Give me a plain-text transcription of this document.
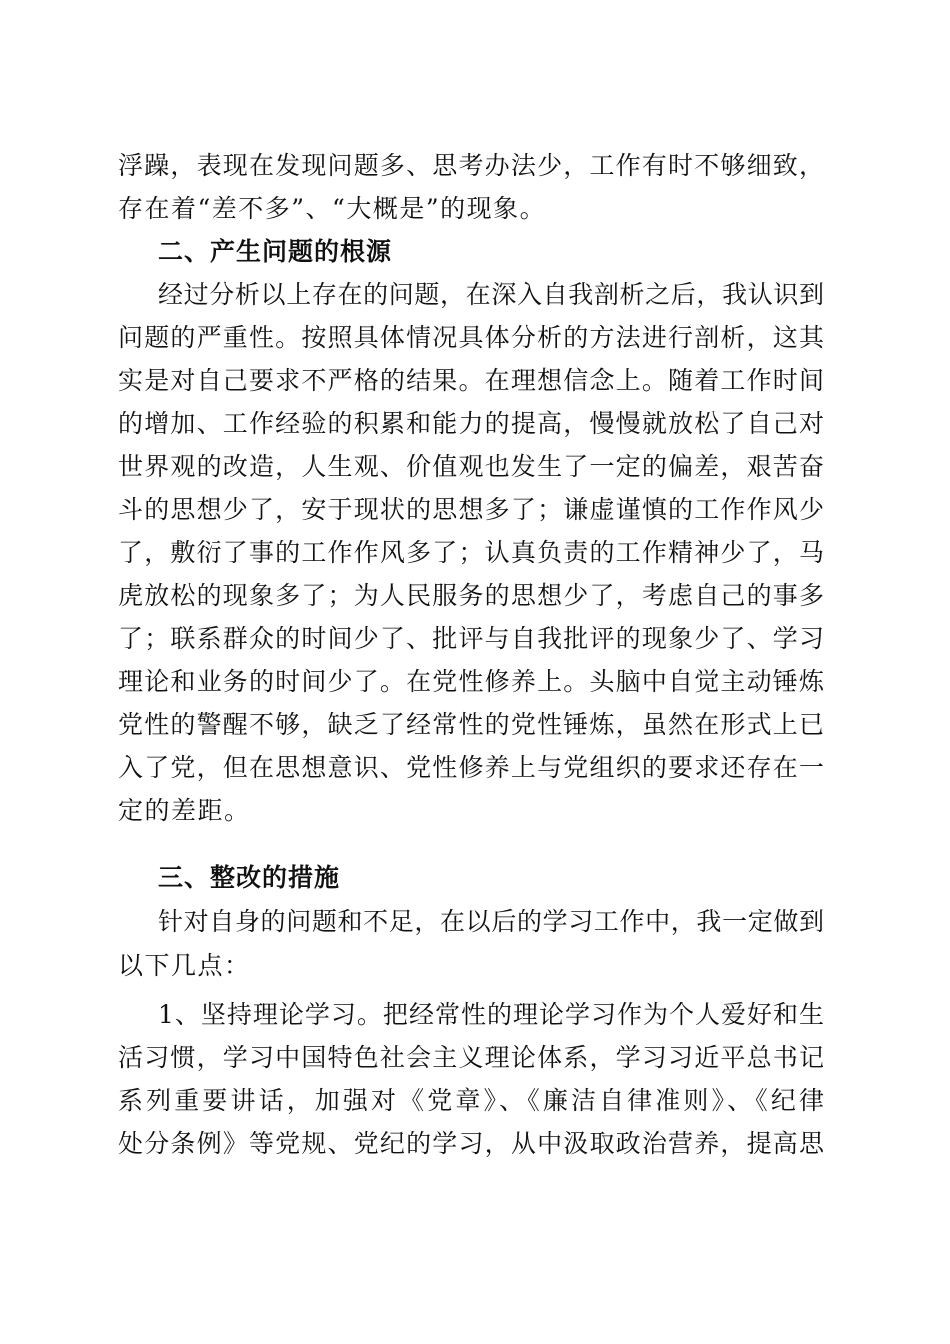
浮躁，表现在发现问题多、思考办法少，工作有时不够细致，
存在着“差不多”、“大概是”的现象。
二、产生问题的根源
经过分析以上存在的问题，在深入自我剖析之后，我认识到
问题的严重性。按照具体情况具体分析的方法进行剖析，这其
实是对自己要求不严格的结果。在理想信念上。随着工作时间
的增加、工作经验的积累和能力的提高，慢慢就放松了自己对
世界观的改造，人生观、价值观也发生了一定的偏差，艰苦奋
斗的思想少了，安于现状的思想多了；谦虚谨慎的工作作风少
了，敷衍了事的工作作风多了；认真负责的工作精神少了，马
虎放松的现象多了；为人民服务的思想少了，考虑自己的事多
了；联系群众的时间少了、批评与自我批评的现象少了、学习
理论和业务的时间少了。在党性修养上。头脑中自觉主动锤炼
党性的警醒不够，缺乏了经常性的党性锤炼，虽然在形式上已
入了党，但在思想意识、党性修养上与党组织的要求还存在一
定的差距。
三、整改的措施
针对自身的问题和不足，在以后的学习工作中，我一定做到
以下几点：
1、坚持理论学习。把经常性的理论学习作为个人爱好和生
活习惯，学习中国特色社会主义理论体系，学习习近平总书记
系列重要讲话，加强对《党章》、《廉洁自律准则》、《纪律
处分条例》等党规、党纪的学习，从中汲取政治营养，提高思
